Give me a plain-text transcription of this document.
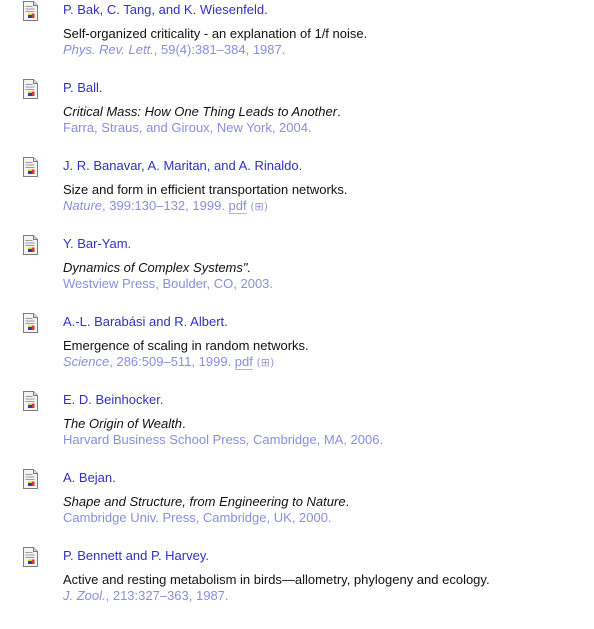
P. Bak, C. Tang, and K. Wiesenfeld.
Self-organized criticality - an explanation of 1/f noise.
Phys. Rev. Lett., 59(4):381–384, 1987.
P. Ball.
Critical Mass: How One Thing Leads to Another.
Farra, Straus, and Giroux, New York, 2004.
J. R. Banavar, A. Maritan, and A. Rinaldo.
Size and form in efficient transportation networks.
Nature, 399:130–132, 1999. pdf (⊞)
Y. Bar-Yam.
Dynamics of Complex Systems".
Westview Press, Boulder, CO, 2003.
A.-L. Barabási and R. Albert.
Emergence of scaling in random networks.
Science, 286:509–511, 1999. pdf (⊞)
E. D. Beinhocker.
The Origin of Wealth.
Harvard Business School Press, Cambridge, MA, 2006.
A. Bejan.
Shape and Structure, from Engineering to Nature.
Cambridge Univ. Press, Cambridge, UK, 2000.
P. Bennett and P. Harvey.
Active and resting metabolism in birds—allometry, phylogeny and ecology.
J. Zool., 213:327–363, 1987.
